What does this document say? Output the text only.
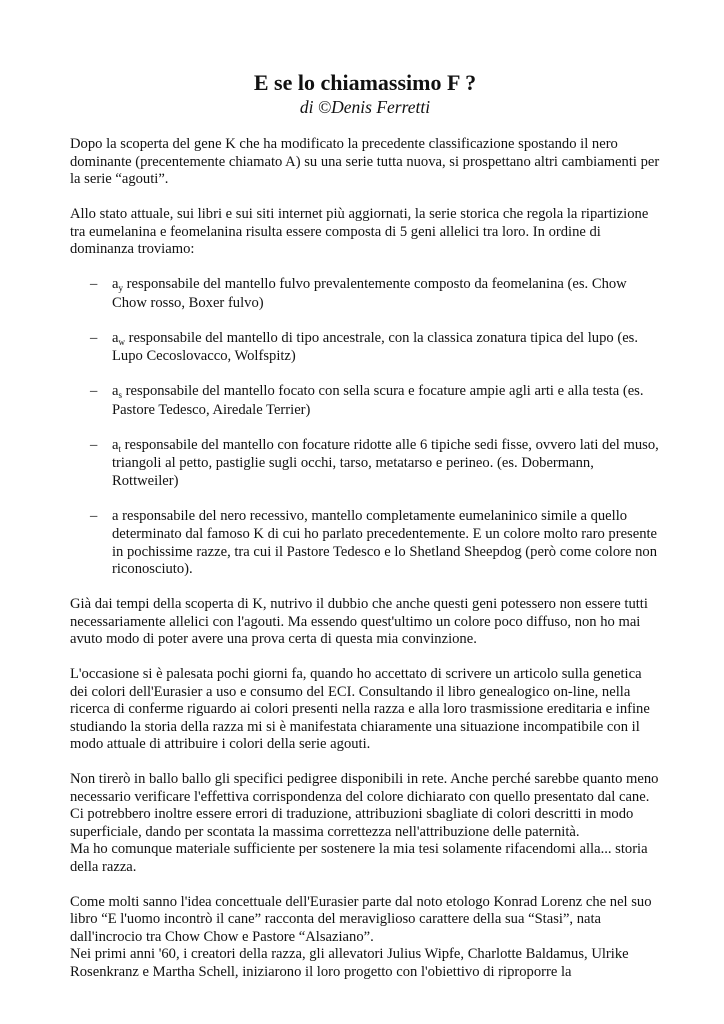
E se lo chiamassimo F ?
di ©Denis Ferretti

Dopo la scoperta del gene K che ha modificato la precedente classificazione spostando il nero dominante (precentemente chiamato A) su una serie tutta nuova, si prospettano altri cambiamenti per la serie “agouti”.

Allo stato attuale, sui libri e sui siti internet più aggiornati, la serie storica che regola la ripartizione tra eumelanina e feomelanina risulta essere composta di 5 geni allelici tra loro. In ordine di dominanza troviamo:

– $a_y$ responsabile del mantello fulvo prevalentemente composto da feomelanina (es. Chow Chow rosso, Boxer fulvo)
– $a_w$ responsabile del mantello di tipo ancestrale, con la classica zonatura tipica del lupo (es. Lupo Cecoslovacco, Wolfspitz)
– $a_s$ responsabile del mantello focato con sella scura e focature ampie agli arti e alla testa (es. Pastore Tedesco, Airedale Terrier)
– $a_t$ responsabile del mantello con focature ridotte alle 6 tipiche sedi fisse, ovvero lati del muso, triangoli al petto, pastiglie sugli occhi, tarso, metatarso e perineo. (es. Dobermann, Rottweiler)
– a responsabile del nero recessivo, mantello completamente eumelaninico simile a quello determinato dal famoso K di cui ho parlato precedentemente. E un colore molto raro presente in pochissime razze, tra cui il Pastore Tedesco e lo Shetland Sheepdog (però come colore non riconosciuto).

Già dai tempi della scoperta di K, nutrivo il dubbio che anche questi geni potessero non essere tutti necessariamente allelici con l'agouti. Ma essendo quest'ultimo un colore poco diffuso, non ho mai avuto modo di poter avere una prova certa di questa mia convinzione.

L'occasione si è palesata pochi giorni fa, quando ho accettato di scrivere un articolo sulla genetica dei colori dell'Eurasier a uso e consumo del ECI. Consultando il libro genealogico on-line, nella ricerca di conferme riguardo ai colori presenti nella razza e alla loro trasmissione ereditaria e infine studiando la storia della razza mi si è manifestata chiaramente una situazione incompatibile con il modo attuale di attribuire i colori della serie agouti.

Non tirerò in ballo ballo gli specifici pedigree disponibili in rete. Anche perché sarebbe quanto meno necessario verificare l'effettiva corrispondenza del colore dichiarato con quello presentato dal cane. Ci potrebbero inoltre essere errori di traduzione, attribuzioni sbagliate di colori descritti in modo superficiale, dando per scontata la massima correttezza nell'attribuzione delle paternità.

Ma ho comunque materiale sufficiente per sostenere la mia tesi solamente rifacendomi alla... storia della razza.

Come molti sanno l'idea concettuale dell'Eurasier parte dal noto etologo Konrad Lorenz che nel suo libro “E l'uomo incontrò il cane” racconta del meraviglioso carattere della sua “Stasi”, nata dall'incrocio tra Chow Chow e Pastore “Alsaziano”.

Nei primi anni '60, i creatori della razza, gli allevatori Julius Wipfe, Charlotte Baldamus, Ulrike Rosenkranz e Martha Schell, iniziarono il loro progetto con l'obiettivo di riproporre la
